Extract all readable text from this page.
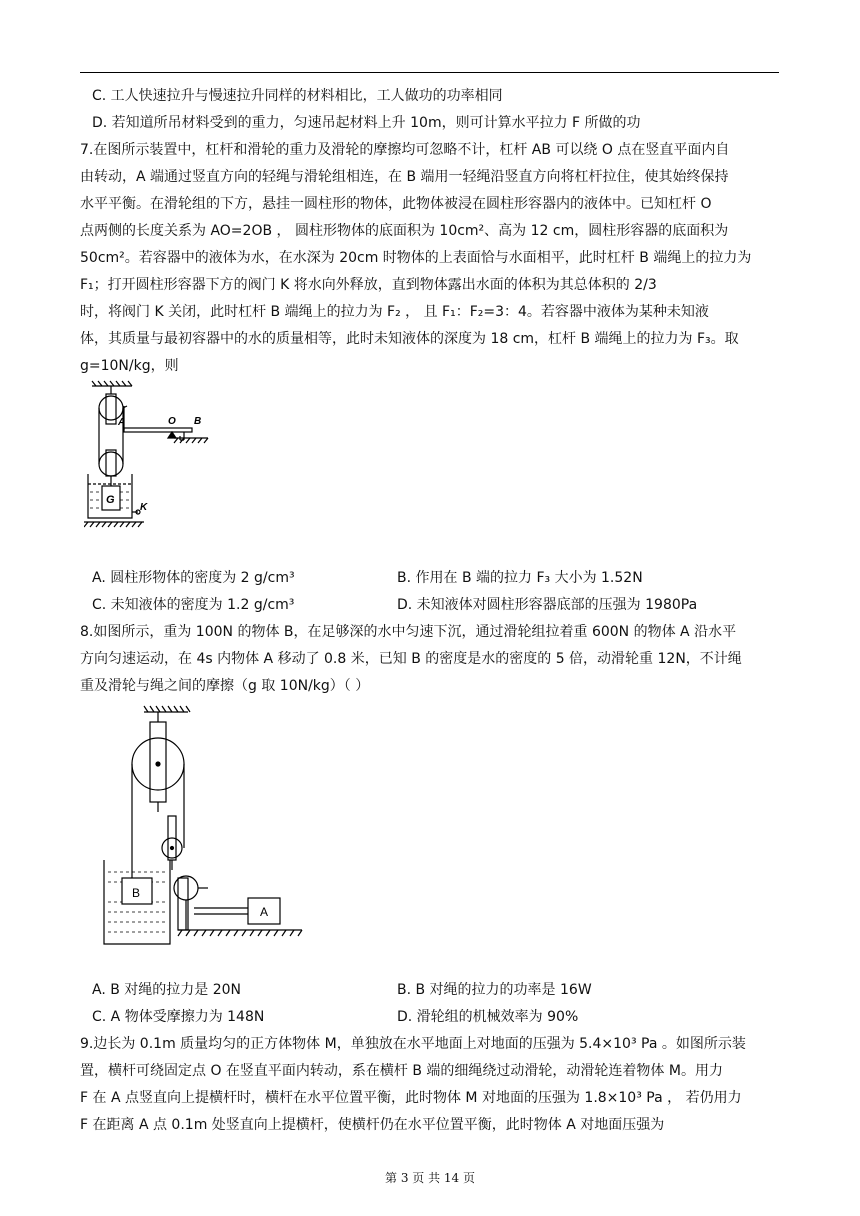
C. 工人快速拉升与慢速拉升同样的材料相比，工人做功的功率相同
D. 若知道所吊材料受到的重力，匀速吊起材料上升 10m，则可计算水平拉力 F 所做的功
7.在图所示装置中，杠杆和滑轮的重力及滑轮的摩擦均可忽略不计，杠杆 AB 可以绕 O 点在竖直平面内自
由转动，A 端通过竖直方向的轻绳与滑轮组相连，在 B 端用一轻绳沿竖直方向将杠杆拉住，使其始终保持
水平平衡。在滑轮组的下方，悬挂一圆柱形的物体，此物体被浸在圆柱形容器内的液体中。已知杠杆 O
点两侧的长度关系为 AO=2OB ， 圆柱形物体的底面积为 10cm²、高为 12 cm，圆柱形容器的底面积为
50cm²。若容器中的液体为水，在水深为 20cm 时物体的上表面恰与水面相平，此时杠杆 B 端绳上的拉力为
F₁；打开圆柱形容器下方的阀门 K 将水向外释放，直到物体露出水面的体积为其总体积的 2/3
时，将阀门 K 关闭，此时杠杆 B 端绳上的拉力为 F₂ ， 且 F₁：F₂=3：4。若容器中液体为某种未知液
体，其质量与最初容器中的水的质量相等，此时未知液体的深度为 18 cm，杠杆 B 端绳上的拉力为 F₃。取
g=10N/kg，则
A	O B
G
K
A. 圆柱形物体的密度为 2 g/cm³	B. 作用在 B 端的拉力 F₃ 大小为 1.52N
C. 未知液体的密度为 1.2 g/cm³	D. 未知液体对圆柱形容器底部的压强为 1980Pa
8.如图所示，重为 100N 的物体 B，在足够深的水中匀速下沉，通过滑轮组拉着重 600N 的物体 A 沿水平
方向匀速运动，在 4s 内物体 A 移动了 0.8 米，已知 B 的密度是水的密度的 5 倍，动滑轮重 12N，不计绳
重及滑轮与绳之间的摩擦（g 取 10N/kg）（ ）
B
A
A. B 对绳的拉力是 20N	B. B 对绳的拉力的功率是 16W
C. A 物体受摩擦力为 148N	D. 滑轮组的机械效率为 90%
9.边长为 0.1m 质量均匀的正方体物体 M，单独放在水平地面上对地面的压强为 5.4×10³ Pa 。如图所示装
置，横杆可绕固定点 O 在竖直平面内转动，系在横杆 B 端的细绳绕过动滑轮，动滑轮连着物体 M。用力
F 在 A 点竖直向上提横杆时，横杆在水平位置平衡，此时物体 M 对地面的压强为 1.8×10³ Pa ， 若仍用力
F 在距离 A 点 0.1m 处竖直向上提横杆，使横杆仍在水平位置平衡，此时物体 A 对地面压强为
第 3 页 共 14 页
